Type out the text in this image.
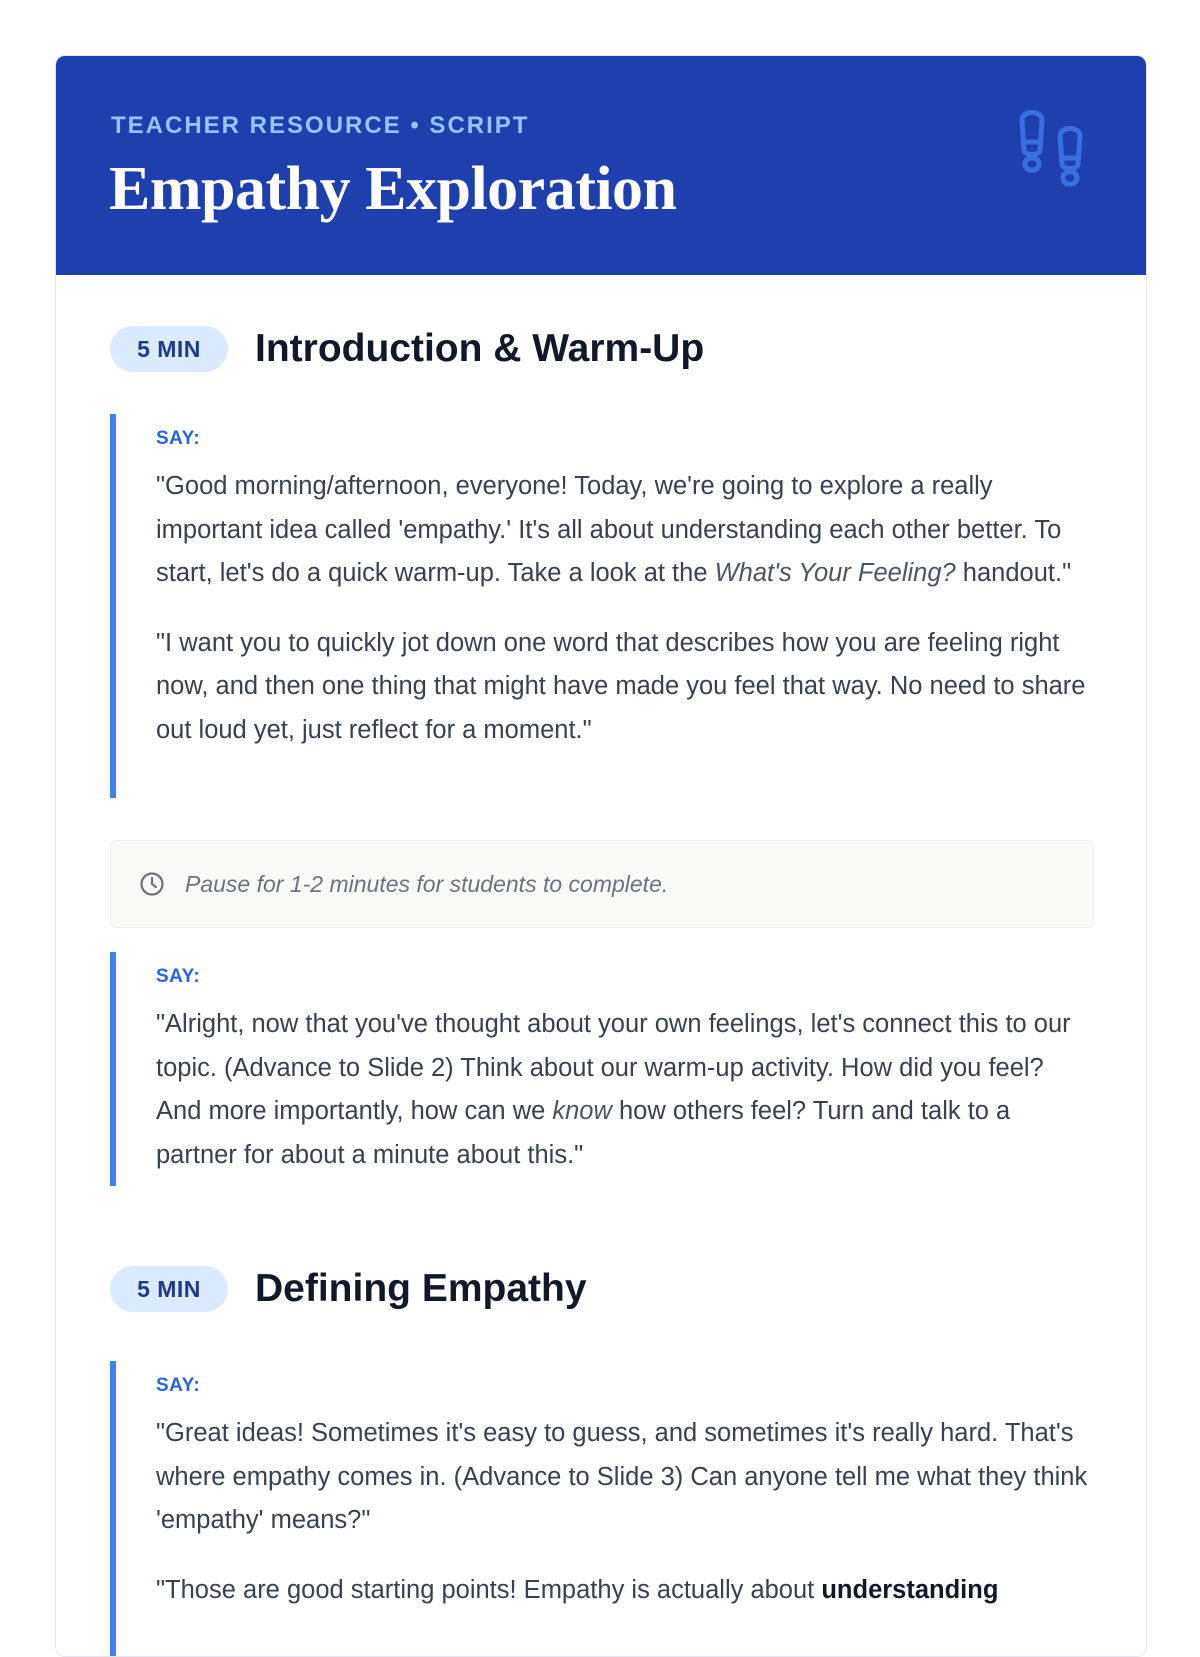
TEACHER RESOURCE • SCRIPT
Empathy Exploration
5 MIN	Introduction & Warm-Up
SAY:

"Good morning/afternoon, everyone! Today, we're going to explore a really important idea called 'empathy.' It's all about understanding each other better. To start, let's do a quick warm-up. Take a look at the What's Your Feeling? handout."

"I want you to quickly jot down one word that describes how you are feeling right now, and then one thing that might have made you feel that way. No need to share out loud yet, just reflect for a moment."

Pause for 1-2 minutes for students to complete.
SAY:

"Alright, now that you've thought about your own feelings, let's connect this to our topic. (Advance to Slide 2) Think about our warm-up activity. How did you feel? And more importantly, how can we know how others feel? Turn and talk to a partner for about a minute about this."

5 MIN	Defining Empathy
SAY:

"Great ideas! Sometimes it's easy to guess, and sometimes it's really hard. That's where empathy comes in. (Advance to Slide 3) Can anyone tell me what they think 'empathy' means?"

"Those are good starting points! Empathy is actually about understanding
